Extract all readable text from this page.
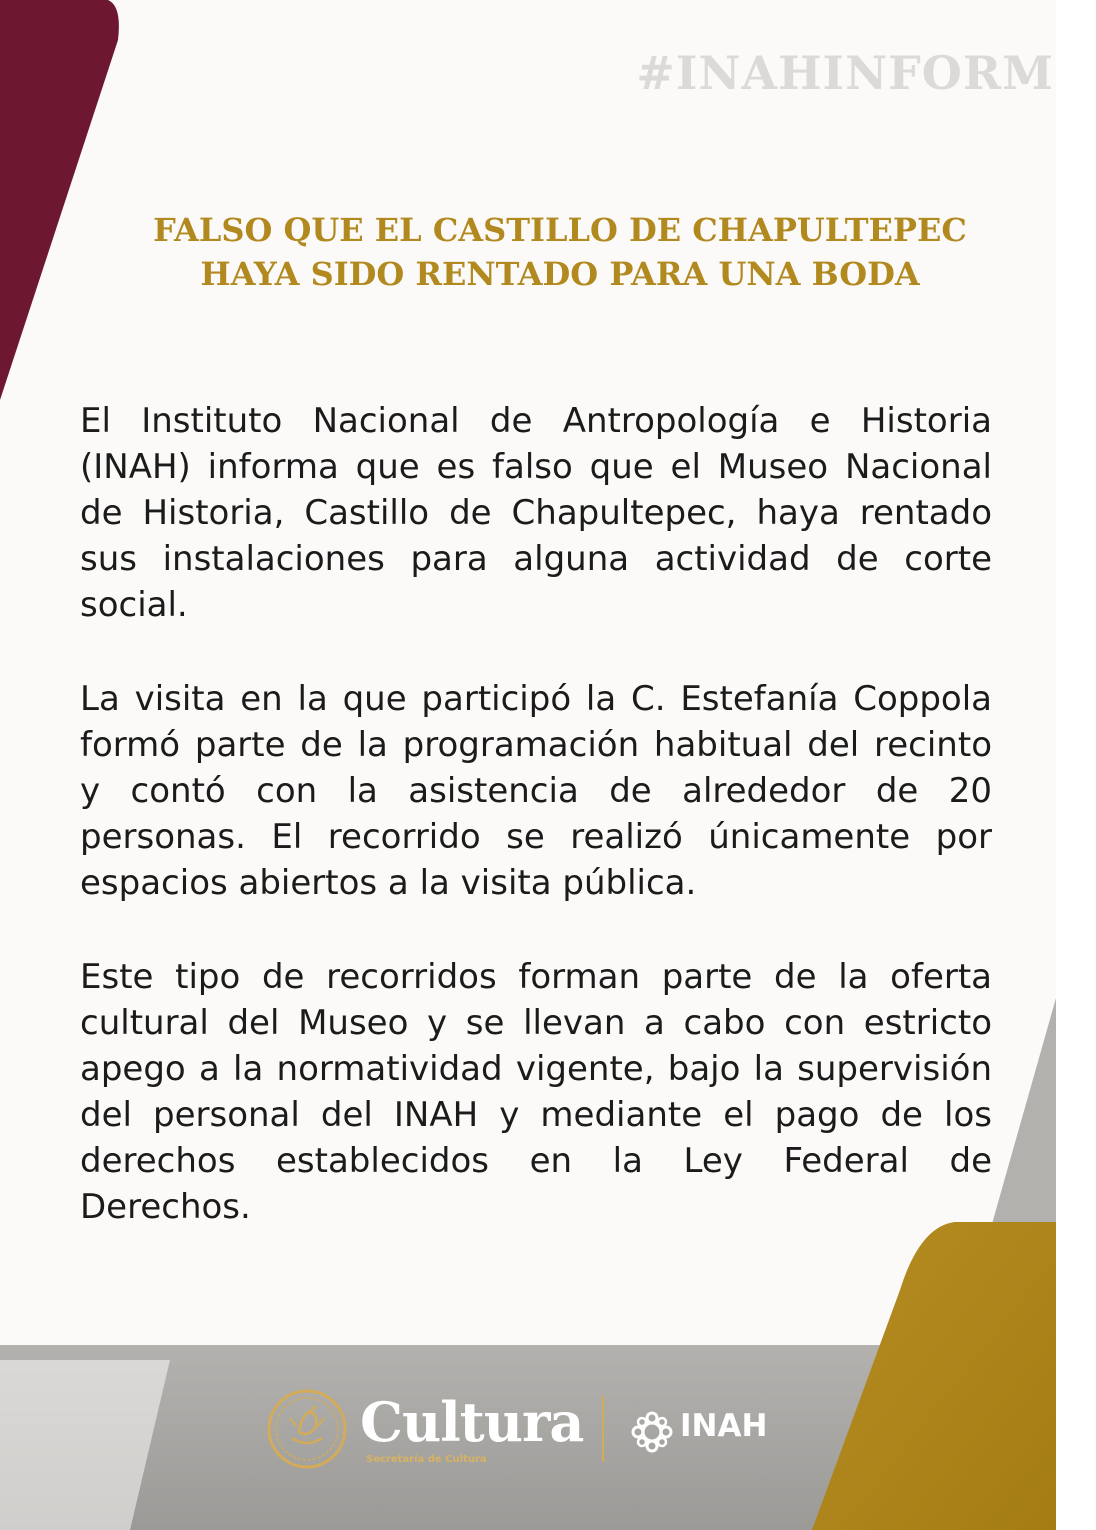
#INAHINFORM
FALSO QUE EL CASTILLO DE CHAPULTEPEC
HAYA SIDO RENTADO PARA UNA BODA

El Instituto Nacional de Antropología e Historia (INAH) informa que es falso que el Museo Nacional de Historia, Castillo de Chapultepec, haya rentado sus instalaciones para alguna actividad de corte social.

La visita en la que participó la C. Estefanía Coppola formó parte de la programación habitual del recinto y contó con la asistencia de alrededor de 20 personas. El recorrido se realizó únicamente por espacios abiertos a la visita pública.

Este tipo de recorridos forman parte de la oferta cultural del Museo y se llevan a cabo con estricto apego a la normatividad vigente, bajo la supervisión del personal del INAH y mediante el pago de los derechos establecidos en la Ley Federal de Derechos.

Cultura
Secretaría de Cultura
INAH
